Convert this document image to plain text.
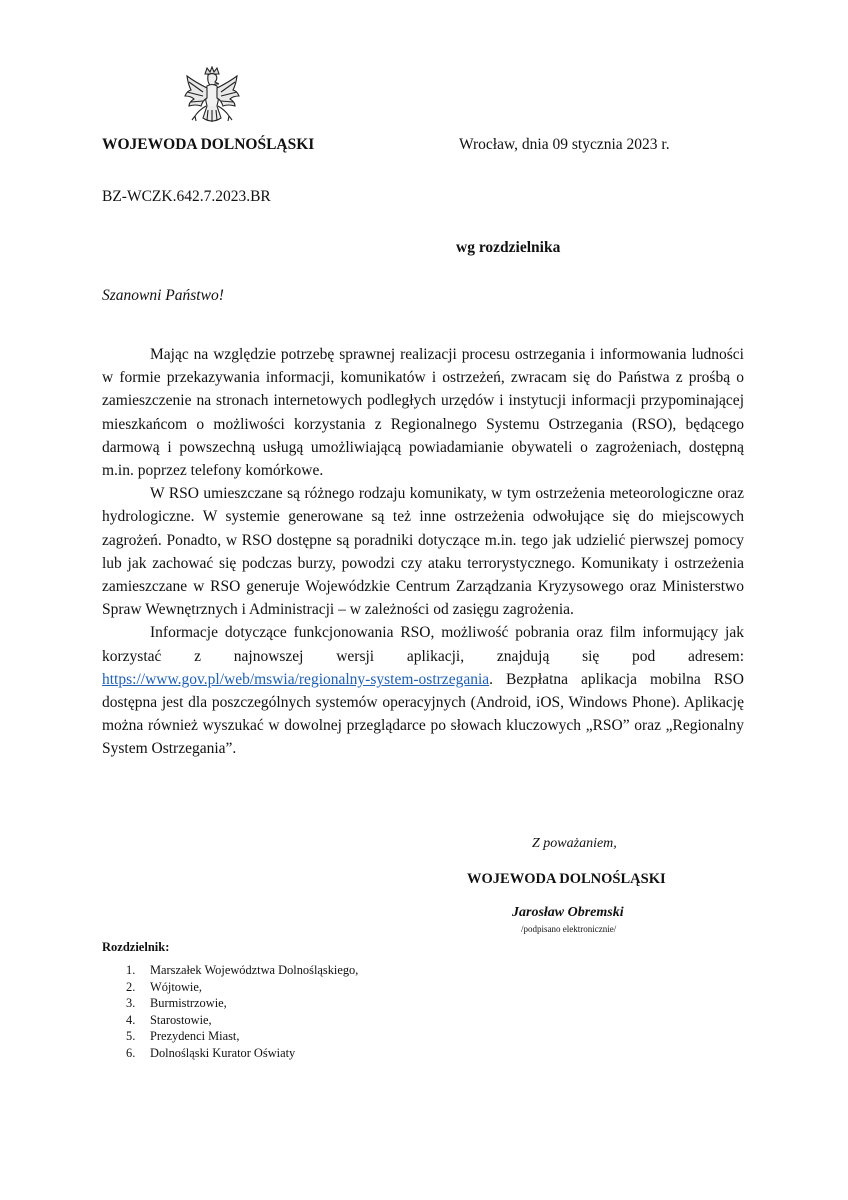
WOJEWODA DOLNOŚLĄSKI	Wrocław, dnia 09 stycznia 2023 r.
BZ-WCZK.642.7.2023.BR
wg rozdzielnika
Szanowni Państwo!

Mając na względzie potrzebę sprawnej realizacji procesu ostrzegania i informowania ludności w formie przekazywania informacji, komunikatów i ostrzeżeń, zwracam się do Państwa z prośbą o zamieszczenie na stronach internetowych podległych urzędów i instytucji informacji przypominającej mieszkańcom o możliwości korzystania z Regionalnego Systemu Ostrzegania (RSO), będącego darmową i powszechną usługą umożliwiającą powiadamianie obywateli o zagrożeniach, dostępną m.in. poprzez telefony komórkowe.

W RSO umieszczane są różnego rodzaju komunikaty, w tym ostrzeżenia meteorologiczne oraz hydrologiczne. W systemie generowane są też inne ostrzeżenia odwołujące się do miejscowych zagrożeń. Ponadto, w RSO dostępne są poradniki dotyczące m.in. tego jak udzielić pierwszej pomocy lub jak zachować się podczas burzy, powodzi czy ataku terrorystycznego. Komunikaty i ostrzeżenia zamieszczane w RSO generuje Wojewódzkie Centrum Zarządzania Kryzysowego oraz Ministerstwo Spraw Wewnętrznych i Administracji – w zależności od zasięgu zagrożenia.

Informacje dotyczące funkcjonowania RSO, możliwość pobrania oraz film informujący jak korzystać z najnowszej wersji aplikacji, znajdują się pod adresem: https://www.gov.pl/web/mswia/regionalny-system-ostrzegania. Bezpłatna aplikacja mobilna RSO dostępna jest dla poszczególnych systemów operacyjnych (Android, iOS, Windows Phone). Aplikację można również wyszukać w dowolnej przeglądarce po słowach kluczowych „RSO” oraz „Regionalny System Ostrzegania”.

Z poważaniem,
WOJEWODA DOLNOŚLĄSKI
Jarosław Obremski
/podpisano elektronicznie/
Rozdzielnik:
1. Marszałek Województwa Dolnośląskiego,
2. Wójtowie,
3. Burmistrzowie,
4. Starostowie,
5. Prezydenci Miast,
6. Dolnośląski Kurator Oświaty
